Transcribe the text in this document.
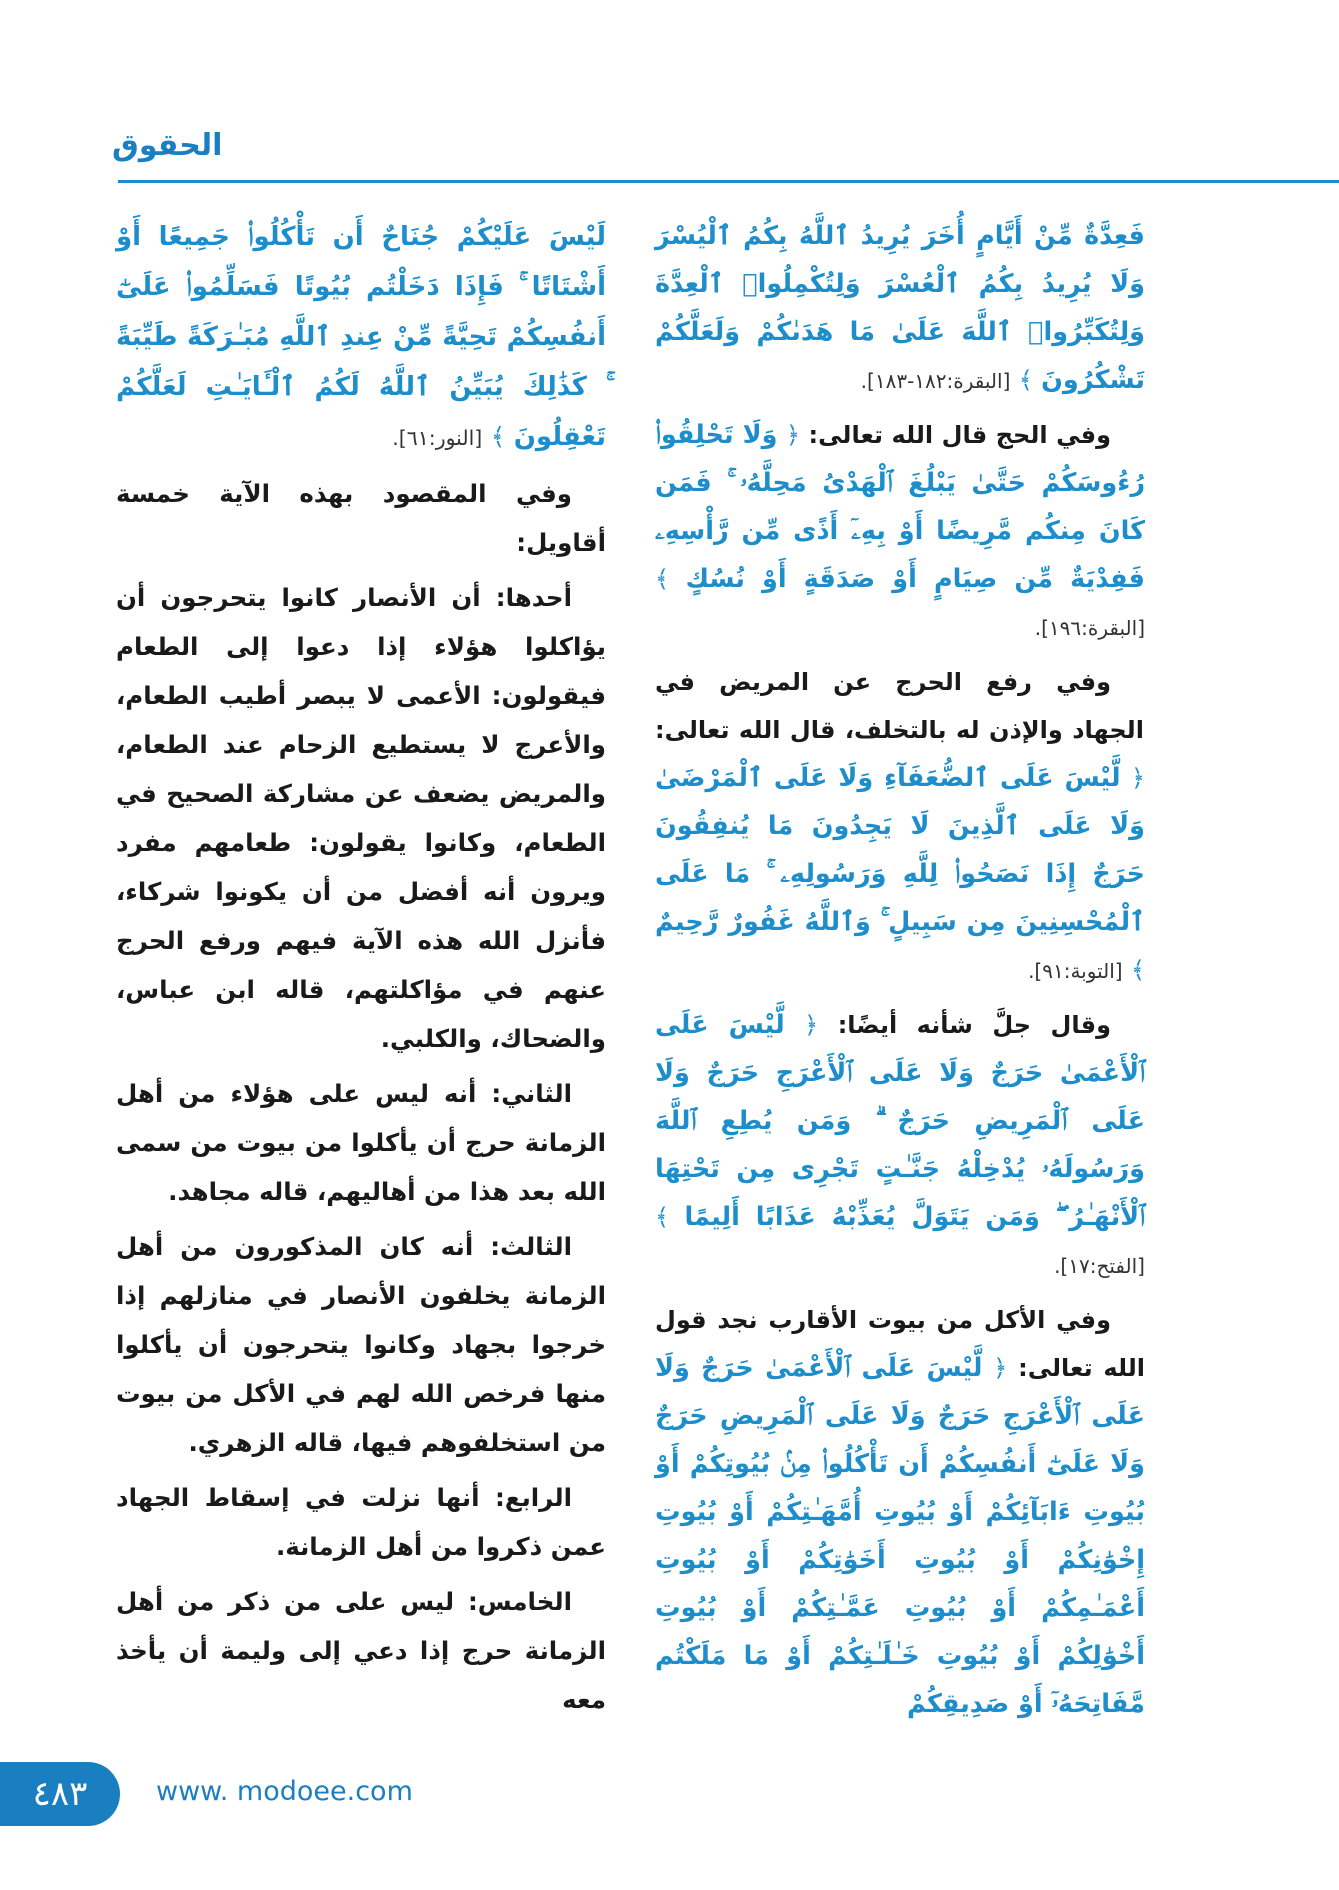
الحقوق

فَعِدَّةٌ مِّنْ أَيَّامٍ أُخَرَ يُرِيدُ ٱللَّهُ بِكُمُ ٱلْيُسْرَ وَلَا يُرِيدُ بِكُمُ ٱلْعُسْرَ وَلِتُكْمِلُوا۟ ٱلْعِدَّةَ وَلِتُكَبِّرُوا۟ ٱللَّهَ عَلَىٰ مَا هَدَىٰكُمْ وَلَعَلَّكُمْ تَشْكُرُونَ ﴾ [البقرة:١٨٢-١٨٣].

وفي الحج قال الله تعالى: ﴿ وَلَا تَحْلِقُوا۟ رُءُوسَكُمْ حَتَّىٰ يَبْلُغَ ٱلْهَدْىُ مَحِلَّهُۥ ۚ فَمَن كَانَ مِنكُم مَّرِيضًا أَوْ بِهِۦٓ أَذًى مِّن رَّأْسِهِۦ فَفِدْيَةٌ مِّن صِيَامٍ أَوْ صَدَقَةٍ أَوْ نُسُكٍ ﴾ [البقرة:١٩٦].

وفي رفع الحرج عن المريض في الجهاد والإذن له بالتخلف، قال الله تعالى: ﴿ لَّيْسَ عَلَى ٱلضُّعَفَآءِ وَلَا عَلَى ٱلْمَرْضَىٰ وَلَا عَلَى ٱلَّذِينَ لَا يَجِدُونَ مَا يُنفِقُونَ حَرَجٌ إِذَا نَصَحُوا۟ لِلَّهِ وَرَسُولِهِۦ ۚ مَا عَلَى ٱلْمُحْسِنِينَ مِن سَبِيلٍ ۚ وَٱللَّهُ غَفُورٌ رَّحِيمٌ ﴾ [التوبة:٩١].

وقال جلَّ شأنه أيضًا: ﴿ لَّيْسَ عَلَى ٱلْأَعْمَىٰ حَرَجٌ وَلَا عَلَى ٱلْأَعْرَجِ حَرَجٌ وَلَا عَلَى ٱلْمَرِيضِ حَرَجٌ ۗ وَمَن يُطِعِ ٱللَّهَ وَرَسُولَهُۥ يُدْخِلْهُ جَنَّـٰتٍ تَجْرِى مِن تَحْتِهَا ٱلْأَنْهَـٰرُ ۖ وَمَن يَتَوَلَّ يُعَذِّبْهُ عَذَابًا أَلِيمًا ﴾ [الفتح:١٧].

وفي الأكل من بيوت الأقارب نجد قول الله تعالى: ﴿ لَّيْسَ عَلَى ٱلْأَعْمَىٰ حَرَجٌ وَلَا عَلَى ٱلْأَعْرَجِ حَرَجٌ وَلَا عَلَى ٱلْمَرِيضِ حَرَجٌ وَلَا عَلَىٰٓ أَنفُسِكُمْ أَن تَأْكُلُوا۟ مِنۢ بُيُوتِكُمْ أَوْ بُيُوتِ ءَابَآئِكُمْ أَوْ بُيُوتِ أُمَّهَـٰتِكُمْ أَوْ بُيُوتِ إِخْوَٰنِكُمْ أَوْ بُيُوتِ أَخَوَٰتِكُمْ أَوْ بُيُوتِ أَعْمَـٰمِكُمْ أَوْ بُيُوتِ عَمَّـٰتِكُمْ أَوْ بُيُوتِ أَخْوَٰلِكُمْ أَوْ بُيُوتِ خَـٰلَـٰتِكُمْ أَوْ مَا مَلَكْتُم مَّفَاتِحَهُۥٓ أَوْ صَدِيقِكُمْ

لَيْسَ عَلَيْكُمْ جُنَاحٌ أَن تَأْكُلُوا۟ جَمِيعًا أَوْ أَشْتَاتًا ۚ فَإِذَا دَخَلْتُم بُيُوتًا فَسَلِّمُوا۟ عَلَىٰٓ أَنفُسِكُمْ تَحِيَّةً مِّنْ عِندِ ٱللَّهِ مُبَـٰرَكَةً طَيِّبَةً ۚ كَذَٰلِكَ يُبَيِّنُ ٱللَّهُ لَكُمُ ٱلْـَٔايَـٰتِ لَعَلَّكُمْ تَعْقِلُونَ ﴾ [النور:٦١].

وفي المقصود بهذه الآية خمسة أقاويل:

أحدها: أن الأنصار كانوا يتحرجون أن يؤاكلوا هؤلاء إذا دعوا إلى الطعام فيقولون: الأعمى لا يبصر أطيب الطعام، والأعرج لا يستطيع الزحام عند الطعام، والمريض يضعف عن مشاركة الصحيح في الطعام، وكانوا يقولون: طعامهم مفرد ويرون أنه أفضل من أن يكونوا شركاء، فأنزل الله هذه الآية فيهم ورفع الحرج عنهم في مؤاكلتهم، قاله ابن عباس، والضحاك، والكلبي.

الثاني: أنه ليس على هؤلاء من أهل الزمانة حرج أن يأكلوا من بيوت من سمى الله بعد هذا من أهاليهم، قاله مجاهد.

الثالث: أنه كان المذكورون من أهل الزمانة يخلفون الأنصار في منازلهم إذا خرجوا بجهاد وكانوا يتحرجون أن يأكلوا منها فرخص الله لهم في الأكل من بيوت من استخلفوهم فيها، قاله الزهري.

الرابع: أنها نزلت في إسقاط الجهاد عمن ذكروا من أهل الزمانة.

الخامس: ليس على من ذكر من أهل الزمانة حرج إذا دعي إلى وليمة أن يأخذ معه

٤٨٣	www. modoee.com
